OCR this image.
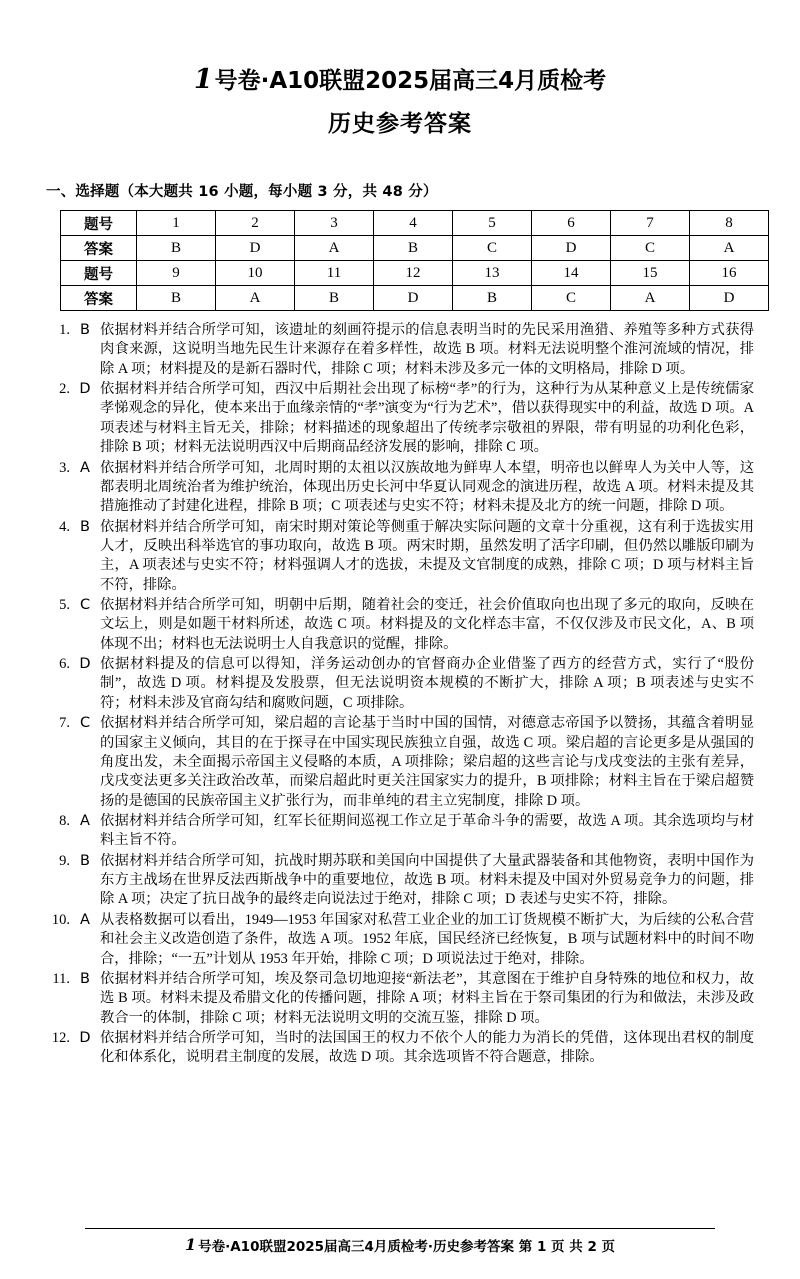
1 号卷·A10联盟2025届高三4月质检考
历史参考答案
一、选择题（本大题共 16 小题，每小题 3 分，共 48 分）
题号	1	2	3	4	5	6	7	8
答案	B	D	A	B	C	D	C	A
题号	9	10	11	12	13	14	15	16
答案	B	A	B	D	B	C	A	D
1. B 依据材料并结合所学可知，该遗址的刻画符提示的信息表明当时的先民采用渔猎、养殖等多种方式获得肉食来源，这说明当地先民生计来源存在着多样性，故选 B 项。材料无法说明整个淮河流域的情况，排除 A 项；材料提及的是新石器时代，排除 C 项；材料未涉及多元一体的文明格局，排除 D 项。
2. D 依据材料并结合所学可知，西汉中后期社会出现了标榜“孝”的行为，这种行为从某种意义上是传统儒家孝悌观念的异化，使本来出于血缘亲情的“孝”演变为“行为艺术”，借以获得现实中的利益，故选 D 项。A 项表述与材料主旨无关，排除；材料描述的现象超出了传统孝宗敬祖的界限，带有明显的功利化色彩，排除 B 项；材料无法说明西汉中后期商品经济发展的影响，排除 C 项。
3. A 依据材料并结合所学可知，北周时期的太祖以汉族故地为鲜卑人本望，明帝也以鲜卑人为关中人等，这都表明北周统治者为维护统治，体现出历史长河中华夏认同观念的演进历程，故选 A 项。材料未提及其措施推动了封建化进程，排除 B 项；C 项表述与史实不符；材料未提及北方的统一问题，排除 D 项。
4. B 依据材料并结合所学可知，南宋时期对策论等侧重于解决实际问题的文章十分重视，这有利于选拔实用人才，反映出科举选官的事功取向，故选 B 项。两宋时期，虽然发明了活字印刷，但仍然以雕版印刷为主，A 项表述与史实不符；材料强调人才的选拔，未提及文官制度的成熟，排除 C 项；D 项与材料主旨不符，排除。
5. C 依据材料并结合所学可知，明朝中后期，随着社会的变迁，社会价值取向也出现了多元的取向，反映在文坛上，则是如题干材料所述，故选 C 项。材料提及的文化样态丰富，不仅仅涉及市民文化，A、B 项体现不出；材料也无法说明士人自我意识的觉醒，排除。
6. D 依据材料提及的信息可以得知，洋务运动创办的官督商办企业借鉴了西方的经营方式，实行了“股份制”，故选 D 项。材料提及发股票，但无法说明资本规模的不断扩大，排除 A 项；B 项表述与史实不符；材料未涉及官商勾结和腐败问题，C 项排除。
7. C 依据材料并结合所学可知，梁启超的言论基于当时中国的国情，对德意志帝国予以赞扬，其蕴含着明显的国家主义倾向，其目的在于探寻在中国实现民族独立自强，故选 C 项。梁启超的言论更多是从强国的角度出发，未全面揭示帝国主义侵略的本质，A 项排除；梁启超的这些言论与戊戌变法的主张有差异，戊戌变法更多关注政治改革，而梁启超此时更关注国家实力的提升，B 项排除；材料主旨在于梁启超赞扬的是德国的民族帝国主义扩张行为，而非单纯的君主立宪制度，排除 D 项。
8. A 依据材料并结合所学可知，红军长征期间巡视工作立足于革命斗争的需要，故选 A 项。其余选项均与材料主旨不符。
9. B 依据材料并结合所学可知，抗战时期苏联和美国向中国提供了大量武器装备和其他物资，表明中国作为东方主战场在世界反法西斯战争中的重要地位，故选 B 项。材料未提及中国对外贸易竞争力的问题，排除 A 项；决定了抗日战争的最终走向说法过于绝对，排除 C 项；D 表述与史实不符，排除。
10. A 从表格数据可以看出，1949—1953 年国家对私营工业企业的加工订货规模不断扩大，为后续的公私合营和社会主义改造创造了条件，故选 A 项。1952 年底，国民经济已经恢复，B 项与试题材料中的时间不吻合，排除；“一五”计划从 1953 年开始，排除 C 项；D 项说法过于绝对，排除。
11. B 依据材料并结合所学可知，埃及祭司急切地迎接“新法老”，其意图在于维护自身特殊的地位和权力，故选 B 项。材料未提及希腊文化的传播问题，排除 A 项；材料主旨在于祭司集团的行为和做法，未涉及政教合一的体制，排除 C 项；材料无法说明文明的交流互鉴，排除 D 项。
12. D 依据材料并结合所学可知，当时的法国国王的权力不依个人的能力为消长的凭借，这体现出君权的制度化和体系化，说明君主制度的发展，故选 D 项。其余选项皆不符合题意，排除。
1 号卷·A10联盟2025届高三4月质检考·历史参考答案 第 1 页 共 2 页
